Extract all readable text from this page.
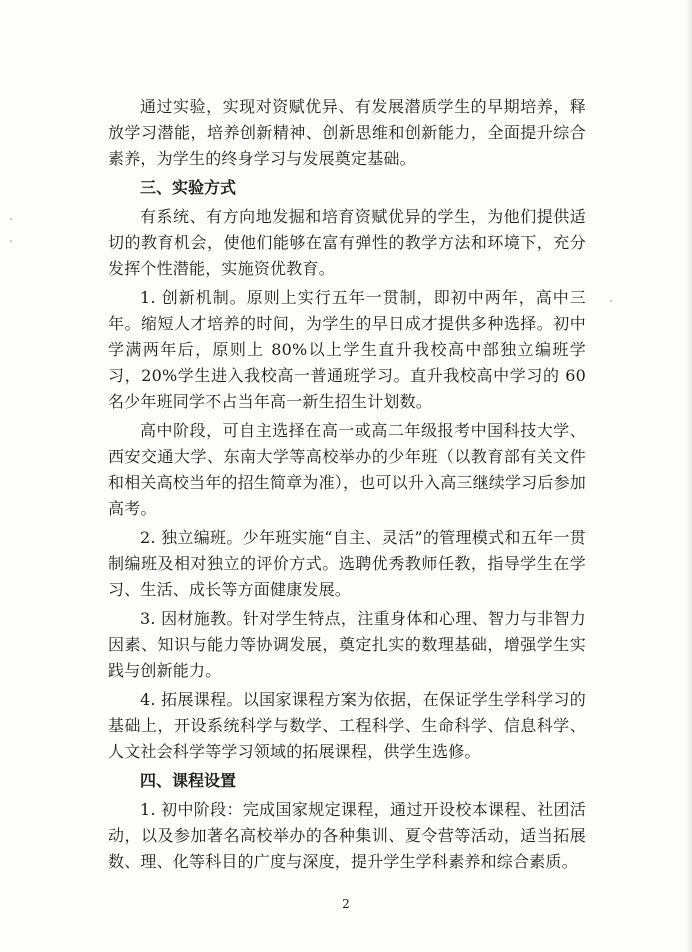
通过实验，实现对资赋优异、有发展潜质学生的早期培养，释放学习潜能，培养创新精神、创新思维和创新能力，全面提升综合素养，为学生的终身学习与发展奠定基础。

三、实验方式

有系统、有方向地发掘和培育资赋优异的学生，为他们提供适切的教育机会，使他们能够在富有弹性的教学方法和环境下，充分发挥个性潜能，实施资优教育。

1. 创新机制。原则上实行五年一贯制，即初中两年，高中三年。缩短人才培养的时间，为学生的早日成才提供多种选择。初中学满两年后，原则上 80%以上学生直升我校高中部独立编班学习，20%学生进入我校高一普通班学习。直升我校高中学习的 60 名少年班同学不占当年高一新生招生计划数。

高中阶段，可自主选择在高一或高二年级报考中国科技大学、西安交通大学、东南大学等高校举办的少年班（以教育部有关文件和相关高校当年的招生简章为准），也可以升入高三继续学习后参加高考。

2. 独立编班。少年班实施“自主、灵活”的管理模式和五年一贯制编班及相对独立的评价方式。选聘优秀教师任教，指导学生在学习、生活、成长等方面健康发展。

3. 因材施教。针对学生特点，注重身体和心理、智力与非智力因素、知识与能力等协调发展，奠定扎实的数理基础，增强学生实践与创新能力。

4. 拓展课程。以国家课程方案为依据，在保证学生学科学习的基础上，开设系统科学与数学、工程科学、生命科学、信息科学、人文社会科学等学习领域的拓展课程，供学生选修。

四、课程设置

1. 初中阶段：完成国家规定课程，通过开设校本课程、社团活动，以及参加著名高校举办的各种集训、夏令营等活动，适当拓展数、理、化等科目的广度与深度，提升学生学科素养和综合素质。

2
